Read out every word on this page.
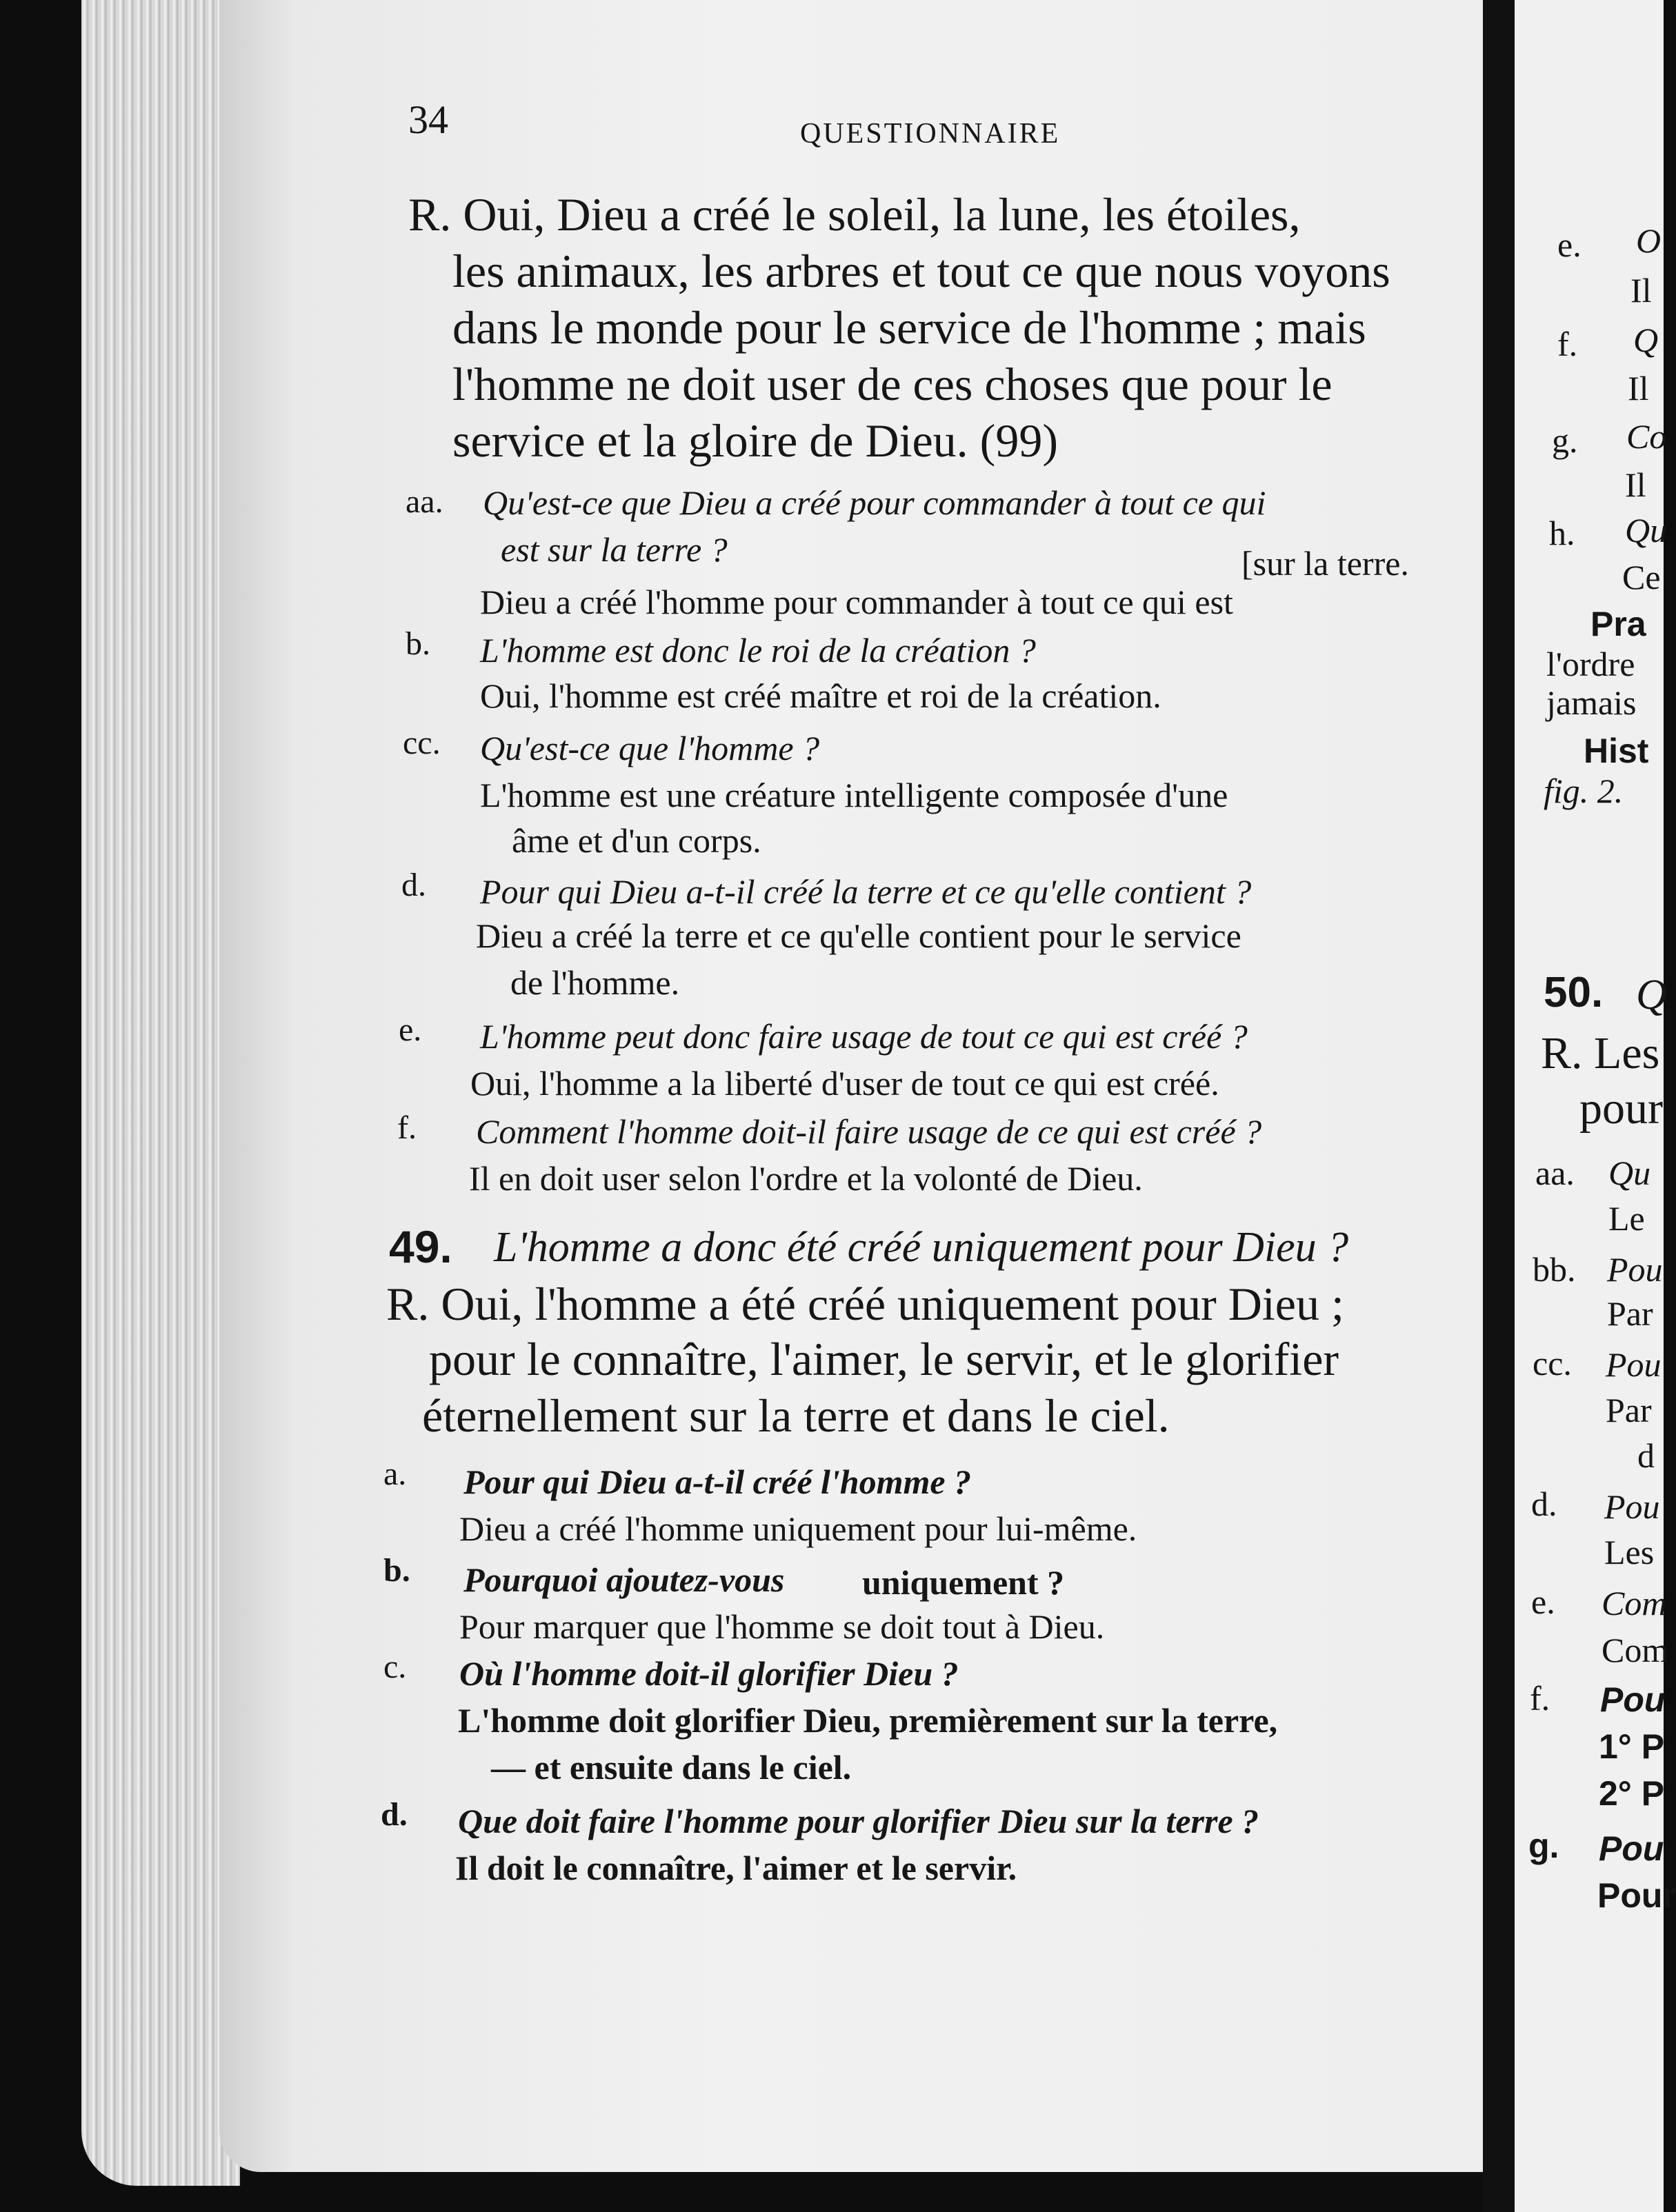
34	QUESTIONNAIRE
R. Oui, Dieu a créé le soleil, la lune, les étoiles,
les animaux, les arbres et tout ce que nous voyons
dans le monde pour le service de l'homme ; mais
l'homme ne doit user de ces choses que pour le
service et la gloire de Dieu. (99)
aa. Qu'est-ce que Dieu a créé pour commander à tout ce qui
est sur la terre ?	[sur la terre.
Dieu a créé l'homme pour commander à tout ce qui est
b. L'homme est donc le roi de la création ?
Oui, l'homme est créé maître et roi de la création.
cc. Qu'est-ce que l'homme ?
L'homme est une créature intelligente composée d'une
âme et d'un corps.
d. Pour qui Dieu a-t-il créé la terre et ce qu'elle contient ?
Dieu a créé la terre et ce qu'elle contient pour le service
de l'homme.
e. L'homme peut donc faire usage de tout ce qui est créé ?
Oui, l'homme a la liberté d'user de tout ce qui est créé.
f. Comment l'homme doit-il faire usage de ce qui est créé ?
Il en doit user selon l'ordre et la volonté de Dieu.
49. L'homme a donc été créé uniquement pour Dieu ?
R. Oui, l'homme a été créé uniquement pour Dieu ;
pour le connaître, l'aimer, le servir, et le glorifier
éternellement sur la terre et dans le ciel.
a. Pour qui Dieu a-t-il créé l'homme ?
Dieu a créé l'homme uniquement pour lui-même.
b. Pourquoi ajoutez-vous uniquement ?
Pour marquer que l'homme se doit tout à Dieu.
c. Où l'homme doit-il glorifier Dieu ?
L'homme doit glorifier Dieu, premièrement sur la terre,
— et ensuite dans le ciel.
d. Que doit faire l'homme pour glorifier Dieu sur la terre ?
Il doit le connaître, l'aimer et le servir.
e. O
Il
f. Q
Il
g. Co
Il
h. Qu
Ce
Pra
l'ordre
jamais
Hist
fig. 2.
50. Q
R. Les
pour
aa. Qu
Le
bb. Pou
Par
cc. Pou
Par
d
d. Pou
Les
e. Com
Com
f. Pou
1° P
2° P
g. Pou
Pour
